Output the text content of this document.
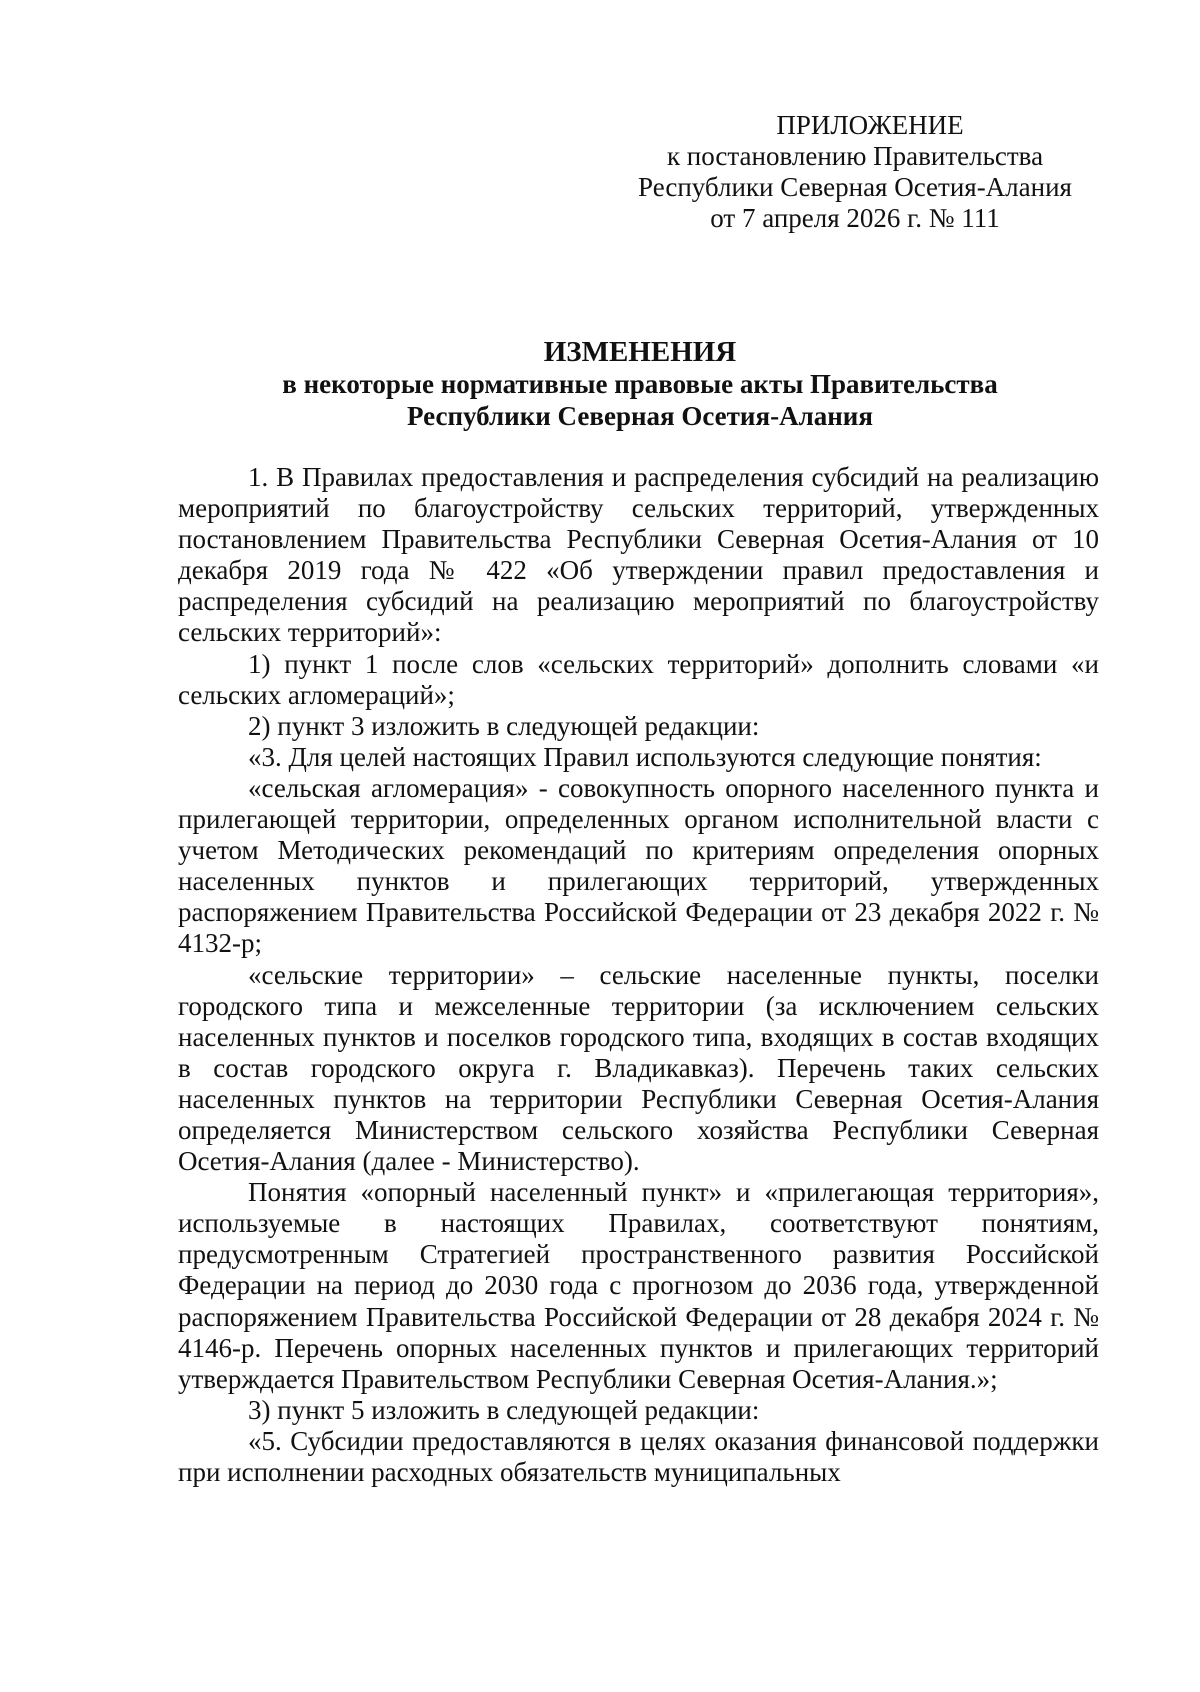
ПРИЛОЖЕНИЕ
к постановлению Правительства
Республики Северная Осетия-Алания
от 7 апреля 2026 г. № 111
ИЗМЕНЕНИЯ
в некоторые нормативные правовые акты Правительства
Республики Северная Осетия-Алания

1. В Правилах предоставления и распределения субсидий на реализацию мероприятий по благоустройству сельских территорий, утвержденных постановлением Правительства Республики Северная Осетия-Алания от 10 декабря 2019 года № 422 «Об утверждении правил предоставления и распределения субсидий на реализацию мероприятий по благоустройству сельских территорий»:

1) пункт 1 после слов «сельских территорий» дополнить словами «и сельских агломераций»;

2) пункт 3 изложить в следующей редакции:

«3. Для целей настоящих Правил используются следующие понятия:

«сельская агломерация» - совокупность опорного населенного пункта и прилегающей территории, определенных органом исполнительной власти с учетом Методических рекомендаций по критериям определения опорных населенных пунктов и прилегающих территорий, утвержденных распоряжением Правительства Российской Федерации от 23 декабря 2022 г. № 4132-р;

«сельские территории» – сельские населенные пункты, поселки городского типа и межселенные территории (за исключением сельских населенных пунктов и поселков городского типа, входящих в состав входящих в состав городского округа г. Владикавказ). Перечень таких сельских населенных пунктов на территории Республики Северная Осетия-Алания определяется Министерством сельского хозяйства Республики Северная Осетия-Алания (далее - Министерство).

Понятия «опорный населенный пункт» и «прилегающая территория», используемые в настоящих Правилах, соответствуют понятиям, предусмотренным Стратегией пространственного развития Российской Федерации на период до 2030 года с прогнозом до 2036 года, утвержденной распоряжением Правительства Российской Федерации от 28 декабря 2024 г. № 4146-р. Перечень опорных населенных пунктов и прилегающих территорий утверждается Правительством Республики Северная Осетия-Алания.»;

3) пункт 5 изложить в следующей редакции:

«5. Субсидии предоставляются в целях оказания финансовой поддержки при исполнении расходных обязательств муниципальных
